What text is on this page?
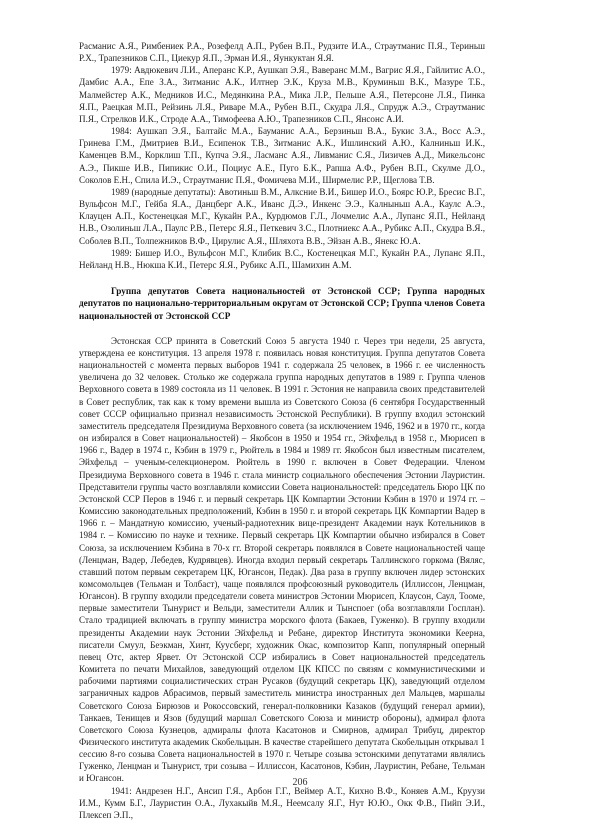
Расманис А.Я., Римбениек Р.А., Розефелд А.П., Рубен В.П., Рудзите И.А., Страутманис П.Я., Териньш Р.Х., Трапезников С.П., Циекур Я.П., Эрман И.Я., Яункуктан Я.Я.

1979: Авдюкевич Л.И., Аперанс К.Р., Аушкап Э.Я., Ваверанс М.М., Вагрис Я.Я., Гайлитис А.О., Дамбис А.А., Епе З.А., Зитманис А.К., Илтнер Э.К., Круза М.В., Круминьш В.К., Мазуре Т.Б., Малмейстер А.К., Медников И.С., Медянкина Р.А., Мика Л.Р., Пельше А.Я., Петерсоне Л.Я., Пинка Я.П., Раецкая М.П., Рейзинь Л.Я., Риваре М.А., Рубен В.П., Скудра Л.Я., Спрудж А.Э., Страутманис П.Я., Стрелков И.К., Строде А.А., Тимофеева А.Ю., Трапезников С.П., Янсонс А.И.

1984: Аушкап Э.Я., Балтайс М.А., Бауманис А.А., Берзиньш В.А., Букис З.А., Восс А.Э., Гринева Г.М., Дмитриев В.И., Есипенок Т.В., Зитманис А.К., Ишлинский А.Ю., Калниньш И.К., Каменцев В.М., Корклиш Т.П., Купча Э.Я., Ласманс А.Я., Ливманис С.Я., Лизичев А.Д., Микельсонс А.Э., Пикше И.В., Пипикис О.И., Поциус А.Е., Пуго Б.К., Рапша А.Ф., Рубен В.П., Скулме Д.О., Соколов Е.Н., Спила И.Э., Страутманис П.Я., Фомичева М.И., Ширмелис Р.Р., Щеглова Т.В.

1989 (народные депутаты): Авотиньш В.М., Алксние В.И., Бишер И.О., Боярс Ю.Р., Бресис В.Г., Вульфсон М.Г., Гейба Я.А., Данцберг А.К., Иванс Д.Э., Инкенс Э.Э., Калныньш А.А., Каулс А.Э., Клауцен А.П., Костенецкая М.Г., Кукайн Р.А., Курдюмов Г.Л., Лочмелис А.А., Лупанс Я.П., Нейланд Н.В., Озолиньш Л.А., Паулс Р.В., Петерс Я.Я., Петкевич З.С., Плотниекс А.А., Рубикс А.П., Скудра В.Я., Соболев В.П., Толпежников В.Ф., Цирулис А.Я., Шляхота В.В., Эйзан А.В., Янекс Ю.А.

1989: Бишер И.О., Вульфсон М.Г., Клибик В.С., Костенецкая М.Г., Кукайн Р.А., Лупанс Я.П., Нейланд Н.В., Нюкша К.И., Петерс Я.Я., Рубикс А.П., Шамихин А.М.

Группа депутатов Совета национальностей от Эстонской ССР; Группа народных депутатов по национально-территориальным округам от Эстонской ССР; Группа членов Совета национальностей от Эстонской ССР

Эстонская ССР принята в Советский Союз 5 августа 1940 г. Через три недели, 25 августа, утверждена ее конституция. 13 апреля 1978 г. появилась новая конституция. Группа депутатов Совета национальностей с момента первых выборов 1941 г. содержала 25 человек, в 1966 г. ее численность увеличена до 32 человек. Столько же содержала группа народных депутатов в 1989 г. Группа членов Верховного совета в 1989 состояла из 11 человек. В 1991 г. Эстония не направила своих представителей в Совет республик, так как к тому времени вышла из Советского Союза (6 сентября Государственный совет СССР официально признал независимость Эстонской Республики). В группу входил эстонский заместитель председателя Президиума Верховного совета (за исключением 1946, 1962 и в 1970 гг., когда он избирался в Совет национальностей) – Якобсон в 1950 и 1954 гг., Эйхфельд в 1958 г., Мюрисеп в 1966 г., Вадер в 1974 г., Кэбин в 1979 г., Рюйтель в 1984 и 1989 гг. Якобсон был известным писателем, Эйхфельд – ученым-селекционером. Рюйтель в 1990 г. включен в Совет Федерации. Членом Президиума Верховного совета в 1946 г. стала министр социального обеспечения Эстонии Лауристин. Представители группы часто возглавляли комиссии Совета национальностей: председатель Бюро ЦК по Эстонской ССР Перов в 1946 г. и первый секретарь ЦК Компартии Эстонии Кэбин в 1970 и 1974 гг. – Комиссию законодательных предположений, Кэбин в 1950 г. и второй секретарь ЦК Компартии Вадер в 1966 г. – Мандатную комиссию, ученый-радиотехник вице-президент Академии наук Котельников в 1984 г. – Комиссию по науке и технике. Первый секретарь ЦК Компартии обычно избирался в Совет Союза, за исключением Кэбина в 70-х гг. Второй секретарь появлялся в Совете национальностей чаще (Ленцман, Вадер, Лебедев, Кудрявцев). Иногда входил первый секретарь Таллинского горкома (Вяляс, ставший потом первым секретарем ЦК, Югансон, Педак). Два раза в группу включен лидер эстонских комсомольцев (Тельман и Толбаст), чаще появлялся профсоюзный руководитель (Иллиссон, Ленцман, Югансон). В группу входили председатели совета министров Эстонии Мюрисеп, Клаусон, Саул, Тооме, первые заместители Тынурист и Вельди, заместители Аллик и Тынспоег (оба возглавляли Госплан). Стало традицией включать в группу министра морского флота (Бакаев, Гуженко). В группу входили президенты Академии наук Эстонии Эйхфельд и Ребане, директор Института экономики Кеерна, писатели Смуул, Беэкман, Хинт, Куусберг, художник Окас, композитор Капп, популярный оперный певец Отс, актер Ярвет. От Эстонской ССР избирались в Совет национальностей председатель Комитета по печати Михайлов, заведующий отделом ЦК КПСС по связям с коммунистическими и рабочими партиями социалистических стран Русаков (будущий секретарь ЦК), заведующий отделом заграничных кадров Абрасимов, первый заместитель министра иностранных дел Мальцев, маршалы Советского Союза Бирюзов и Рокоссовский, генерал-полковники Казаков (будущий генерал армии), Танкаев, Тенищев и Язов (будущий маршал Советского Союза и министр обороны), адмирал флота Советского Союза Кузнецов, адмиралы флота Касатонов и Смирнов, адмирал Трибуц, директор Физического института академик Скобельцын. В качестве старейшего депутата Скобельцын открывал 1 сессию 8-го созыва Совета национальностей в 1970 г. Четыре созыва эстонскими депутатами являлись Гуженко, Ленцман и Тынурист, три созыва – Иллиссон, Касатонов, Кэбин, Лауристин, Ребане, Тельман и Югансон.

1941: Андрезен Н.Г., Ансип Г.Я., Арбон Г.Г., Веймер А.Т., Кихно В.Ф., Коняев А.М., Круузи И.М., Кумм Б.Г., Лауристин О.А., Лухакыйв М.Я., Неемсалу Я.Г., Нут Ю.Ю., Окк Ф.В., Пийп Э.И., Плексеп Э.П.,

206
